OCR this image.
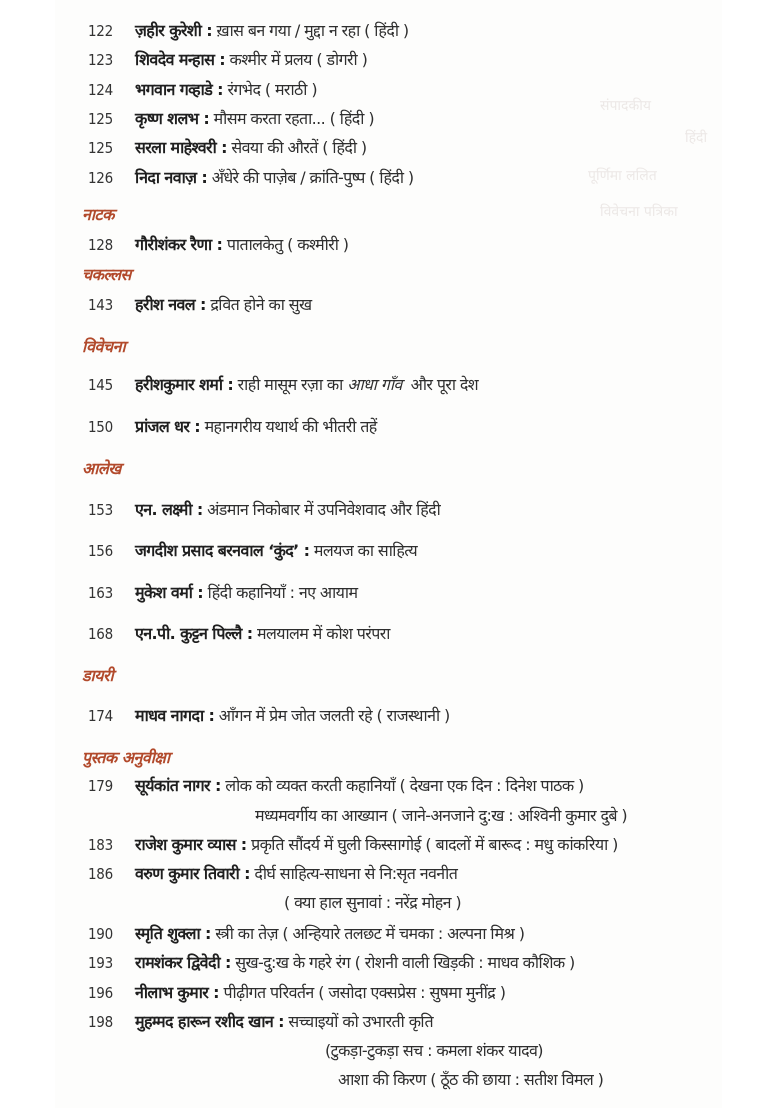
संपादकीय
हिंदी
पूर्णिमा ललित
विवेचना पत्रिका
122	ज़हीर कुरेशी : ख़ास बन गया / मुद्दा न रहा ( हिंदी )
123	शिवदेव मन्हास : कश्मीर में प्रलय ( डोगरी )
124	भगवान गव्हाडे : रंगभेद ( मराठी )
125	कृष्ण शलभ : मौसम करता रहता... ( हिंदी )
125	सरला माहेश्वरी : सेवया की औरतें ( हिंदी )
126	निदा नवाज़ : अँधेरे की पाज़ेब / क्रांति-पुष्प ( हिंदी )
नाटक
128	गौरीशंकर रैणा : पातालकेतु ( कश्मीरी )
चकल्लस
143	हरीश नवल : द्रवित होने का सुख
विवेचना
145	हरीशकुमार शर्मा : राही मासूम रज़ा का आधा गाँव  और पूरा देश
150	प्रांजल धर : महानगरीय यथार्थ की भीतरी तहें
आलेख
153	एन. लक्ष्मी : अंडमान निकोबार में उपनिवेशवाद और हिंदी
156	जगदीश प्रसाद बरनवाल ‘कुंद’ : मलयज का साहित्य
163	मुकेश वर्मा : हिंदी कहानियाँ : नए आयाम
168	एन.पी. कुट्टन पिल्लै : मलयालम में कोश परंपरा
डायरी
174	माधव नागदा : आँगन में प्रेम जोत जलती रहे ( राजस्थानी )
पुस्तक अनुवीक्षा
179	सूर्यकांत नागर : लोक को व्यक्त करती कहानियाँ ( देखना एक दिन : दिनेश पाठक )
मध्यमवर्गीय का आख्यान ( जाने-अनजाने दु:ख : अश्विनी कुमार दुबे )
183	राजेश कुमार व्यास : प्रकृति सौंदर्य में घुली किस्सागोई ( बादलों में बारूद : मधु कांकरिया )
186	वरुण कुमार तिवारी : दीर्घ साहित्य-साधना से नि:सृत नवनीत
( क्या हाल सुनावां : नरेंद्र मोहन )
190	स्मृति शुक्ला : स्त्री का तेज़ ( अन्हियारे तलछट में चमका : अल्पना मिश्र )
193	रामशंकर द्विवेदी : सुख-दु:ख के गहरे रंग ( रोशनी वाली खिड़की : माधव कौशिक )
196	नीलाभ कुमार : पीढ़ीगत परिवर्तन ( जसोदा एक्सप्रेस : सुषमा मुनींद्र )
198	मुहम्मद हारून रशीद खान : सच्चाइयों को उभारती कृति
(टुकड़ा-टुकड़ा सच : कमला शंकर यादव)
आशा की किरण ( ठूँठ की छाया : सतीश विमल )
